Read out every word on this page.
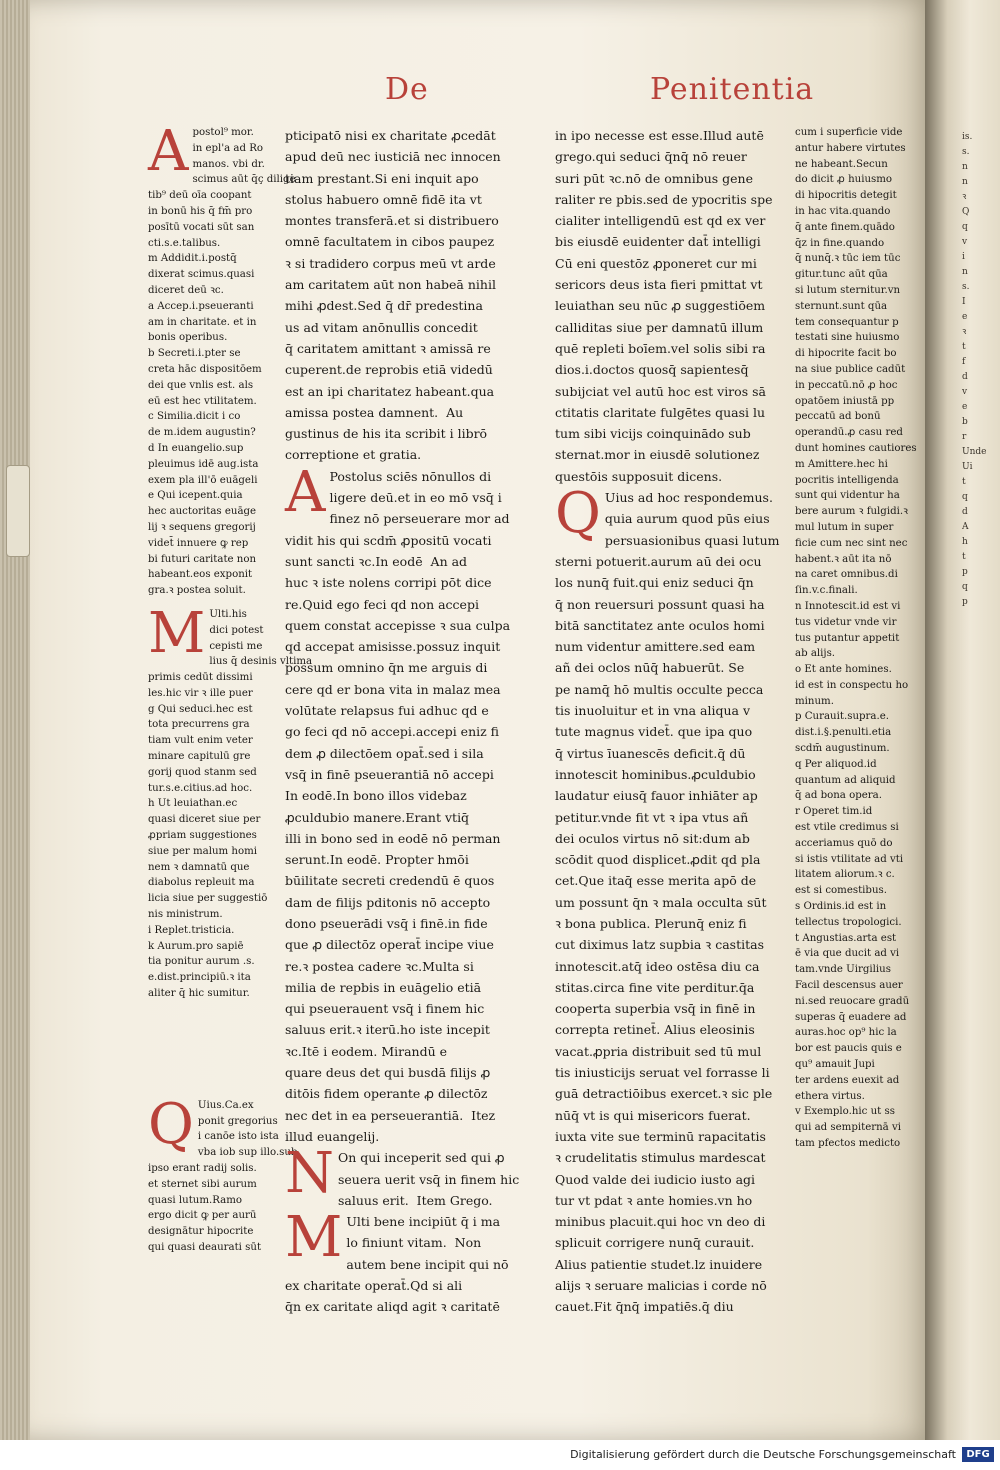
De	Penitentia
A postol⁹ mor.
in epl'a ad Ro
manos. vbi dr.
scimus aūt q̄ҫ dilige
tib⁹ deū oīa coopant
in bonū his q̄ fm̄ pro
posītū vocati sūt san
cti.s.e.talibus.
m Addidit.i.postq̄
dixerat scimus.quasi
diceret deū ꝛc.
a Accep.i.pseueranti
am in charitate. et in
bonis operibus.
b Secreti.i.pter se
creta hāc dispositōem
dei que vnlis est. als
eū est hec vtilitatem.
c Similia.dicit i co
de m.idem augustin?
d In euangelio.sup
pleuimus idē aug.ista
exem pla ill'ō euāgeli
e Qui icepent.quia
hec auctoritas euāge
lij ꝛ sequens gregorij
videt̄ innuere ꝙ rep
bi futuri caritate non
habeant.eos exponit
gra.ꝛ postea soluit.
M Ulti.his
dici potest
cepisti me
lius q̄ desinis vltima
primis cedūt dissimi
les.hic vir ꝛ ille puer
g Qui seduci.hec est
tota precurrens gra
tiam vult enim veter
minare capitulū gre
gorij quod stanm sed
tur.s.e.citius.ad hoc.
h Ut leuiathan.ec
quasi diceret siue per
ꝓpriam suggestiones
siue per malum homi
nem ꝛ damnatū que
diabolus repleuit ma
licia siue per suggestiō
nis ministrum.
i Replet.tristicia.
k Aurum.pro sapiē
tia ponitur aurum .s.
e.dist.principiū.ꝛ ita
aliter q̄ hic sumitur.
Q Uius.Ca.ex
ponit gregorius
i canōe isto ista
vba iob sup illo.sub
ipso erant radij solis.
et sternet sibi aurum
quasi lutum.Ramo
ergo dicit ꝙ per aurū
designātur hipocrite
qui quasi deaurati sūt
pticipatō nisi ex charitate ꝓcedāt
apud deū nec iusticiā nec innocen
tiam prestant.Si eni inquit apo
stolus habuero omnē fidē ita vt
montes transferā.et si distribuero
omnē facultatem in cibos paupez
ꝛ si tradidero corpus meū vt arde
am caritatem aūt non habeā nihil
mihi ꝓdest.Sed q̄ dr̄ predestina
us ad vitam anōnullis concedit
q̄ caritatem amittant ꝛ amissā re
cuperent.de reprobis etiā videdū
est an ipi charitatez habeant.qua
amissa postea damnent.  Au
gustinus de his ita scribit i librō
correptione et gratia.
A Postolus sciēs nōnullos di
ligere deū.et in eo mō vsq̄ i
finez nō perseuerare mor ad
vidit his qui scdm̄ ꝓpositū vocati
sunt sancti ꝛc.In eodē  An ad
huc ꝛ iste nolens corripi pōt dice
re.Quid ego feci qd non accepi
quem constat accepisse ꝛ sua culpa
qd accepat amisisse.possuz inquit
possum omnino q̄n me arguis di
cere qd er bona vita in malaz mea
volūtate relapsus fui adhuc qd e
go feci qd nō accepi.accepi eniz fi
dem ꝓ dilectōem opat̄.sed i sila
vsq̄ in finē pseuerantiā nō accepi
In eodē.In bono illos videbaz
ꝓculdubio manere.Erant vtiq̄
illi in bono sed in eodē nō perman
serunt.In eodē. Propter hmōi
būilitate secreti credendū ē quos
dam de filijs pditonis nō accepto
dono pseuerādi vsq̄ i finē.in fide
que ꝓ dilectōz operat̄ incipe viue
re.ꝛ postea cadere ꝛc.Multa si
milia de repbis in euāgelio etiā
qui pseuerauent vsq̄ i finem hic
saluus erit.ꝛ iterū.ho iste incepit
ꝛc.Itē i eodem. Mirandū e
quare deus det qui busdā filijs ꝓ
ditōis fidem operante ꝓ dilectōz
nec det in ea perseuerantiā.  Itez
illud euangelij.
N On qui inceperit sed qui ꝓ
seuera uerit vsq̄ in finem hic
saluus erit.  Item Grego.
M Ulti bene incipiūt q̄ i ma
lo finiunt vitam.  Non
autem bene incipit qui nō
ex charitate operat̄.Qd si ali
q̄n ex caritate aliqd agit ꝛ caritatē
in ipo necesse est esse.Illud autē
grego.qui seduci q̄nq̄ nō reuer
suri pūt ꝛc.nō de omnibus gene
raliter re pbis.sed de ypocritis spe
cialiter intelligendū est qd ex ver
bis eiusdē euidenter dat̄ intelligi
Cū eni questōz ꝓponeret cur mi
sericors deus ista fieri pmittat vt
leuiathan seu nūc ꝓ suggestiōem
calliditas siue per damnatū illum
quē repleti boīem.vel solis sibi ra
dios.i.doctos quosq̄ sapientesq̄
subijciat vel autū hoc est viros sā
ctitatis claritate fulgētes quasi lu
tum sibi vicijs coinquinādo sub
sternat.mor in eiusdē solutionez
questōis supposuit dicens.
Q Uius ad hoc respondemus.
quia aurum quod pūs eius
persuasionibus quasi lutum
sterni potuerit.aurum aū dei ocu
los nunq̄ fuit.qui eniz seduci q̄n
q̄ non reuersuri possunt quasi ha
bitā sanctitatez ante oculos homi
num videntur amittere.sed eam
añ dei oclos nūq̄ habuerūt. Se
pe namq̄ hō multis occulte pecca
tis inuoluitur et in vna aliqua v
tute magnus videt̄. que ipa quo
q̄ virtus īuanescēs deficit.q̄ dū
innotescit hominibus.ꝓculdubio
laudatur eiusq̄ fauor inhiāter ap
petitur.vnde fit vt ꝛ ipa vtus añ
dei oculos virtus nō sit:dum ab
scōdit quod displicet.ꝓdit qd pla
cet.Que itaq̄ esse merita apō de
um possunt q̄n ꝛ mala occulta sūt
ꝛ bona publica. Plerunq̄ eniz fi
cut diximus latz supbia ꝛ castitas
innotescit.atq̄ ideo ostēsa diu ca
stitas.circa fine vite perditur.q̄a
cooperta superbia vsq̄ in finē in
correpta retinet̄. Alius eleosinis
vacat.ꝓpria distribuit sed tū mul
tis iniusticijs seruat vel forrasse li
guā detractiōibus exercet.ꝛ sic ple
nūq̄ vt is qui misericors fuerat.
iuxta vite sue terminū rapacitatis
ꝛ crudelitatis stimulus mardescat
Quod valde dei iudicio iusto agi
tur vt pdat ꝛ ante homies.vn ho
minibus placuit.qui hoc vn deo di
splicuit corrigere nunq̄ curauit.
Alius patientie studet.lz inuidere
alijs ꝛ seruare malicias i corde nō
cauet.Fit q̄nq̄ impatiēs.q̄ diu
cum i superficie vide
antur habere virtutes
ne habeant.Secun
do dicit ꝓ huiusmo
di hipocritis detegit
in hac vita.quando
q̄ ante finem.quādo
q̄z in fine.quando
q̄ nunq̄.ꝛ tūc iem tūc
gitur.tunc aūt qūa
si lutum sternitur.vn
sternunt.sunt qūa
tem consequantur p
testati sine huiusmo
di hipocrite facit bo
na siue publice cadūt
in peccatū.nō ꝓ hoc
opatōem iniustā pp
peccatū ad bonū
operandū.ꝓ casu red
dunt homines cautiores
m Amittere.hec hi
pocritis intelligenda
sunt qui videntur ha
bere aurum ꝛ fulgidi.ꝛ
mul lutum in super
ficie cum nec sint nec
habent.ꝛ aūt ita nō
na caret omnibus.di
ſin.v.c.finali.
n Innotescit.id est vi
tus videtur vnde vir
tus putantur appetit
ab alijs.
o Et ante homines.
id est in conspectu ho
minum.
p Curauit.supra.e.
dist.i.§.penulti.etia
scdm̄ augustinum.
q Per aliquod.id
quantum ad aliquid
q̄ ad bona opera.
r Operet tim.id
est vtile credimus si
acceriamus quō do
si istis vtilitate ad vti
litatem aliorum.ꝛ c.
est si comestibus.
s Ordinis.id est in
tellectus tropologici.
t Angustias.arta est
ē via que ducit ad vi
tam.vnde Uirgilius
Facil descensus auer
ni.sed reuocare gradū
superas q̄ euadere ad
auras.hoc op⁹ hic la
bor est paucis quis e
qu⁹ amauit Jupi
ter ardens euexit ad
ethera virtus.
v Exemplo.hic ut ss
qui ad sempiternā vi
tam pfectos medicto
is.
s.
n
n
ꝛ
Q
q
v
i
n
s.
I
e
ꝛ
t
f
d
v
e
b
r
Unde
Ui
t
q
d
A
h
t
p
q
p
Digitalisierung gefördert durch die Deutsche Forschungsgemeinschaft	DFG
